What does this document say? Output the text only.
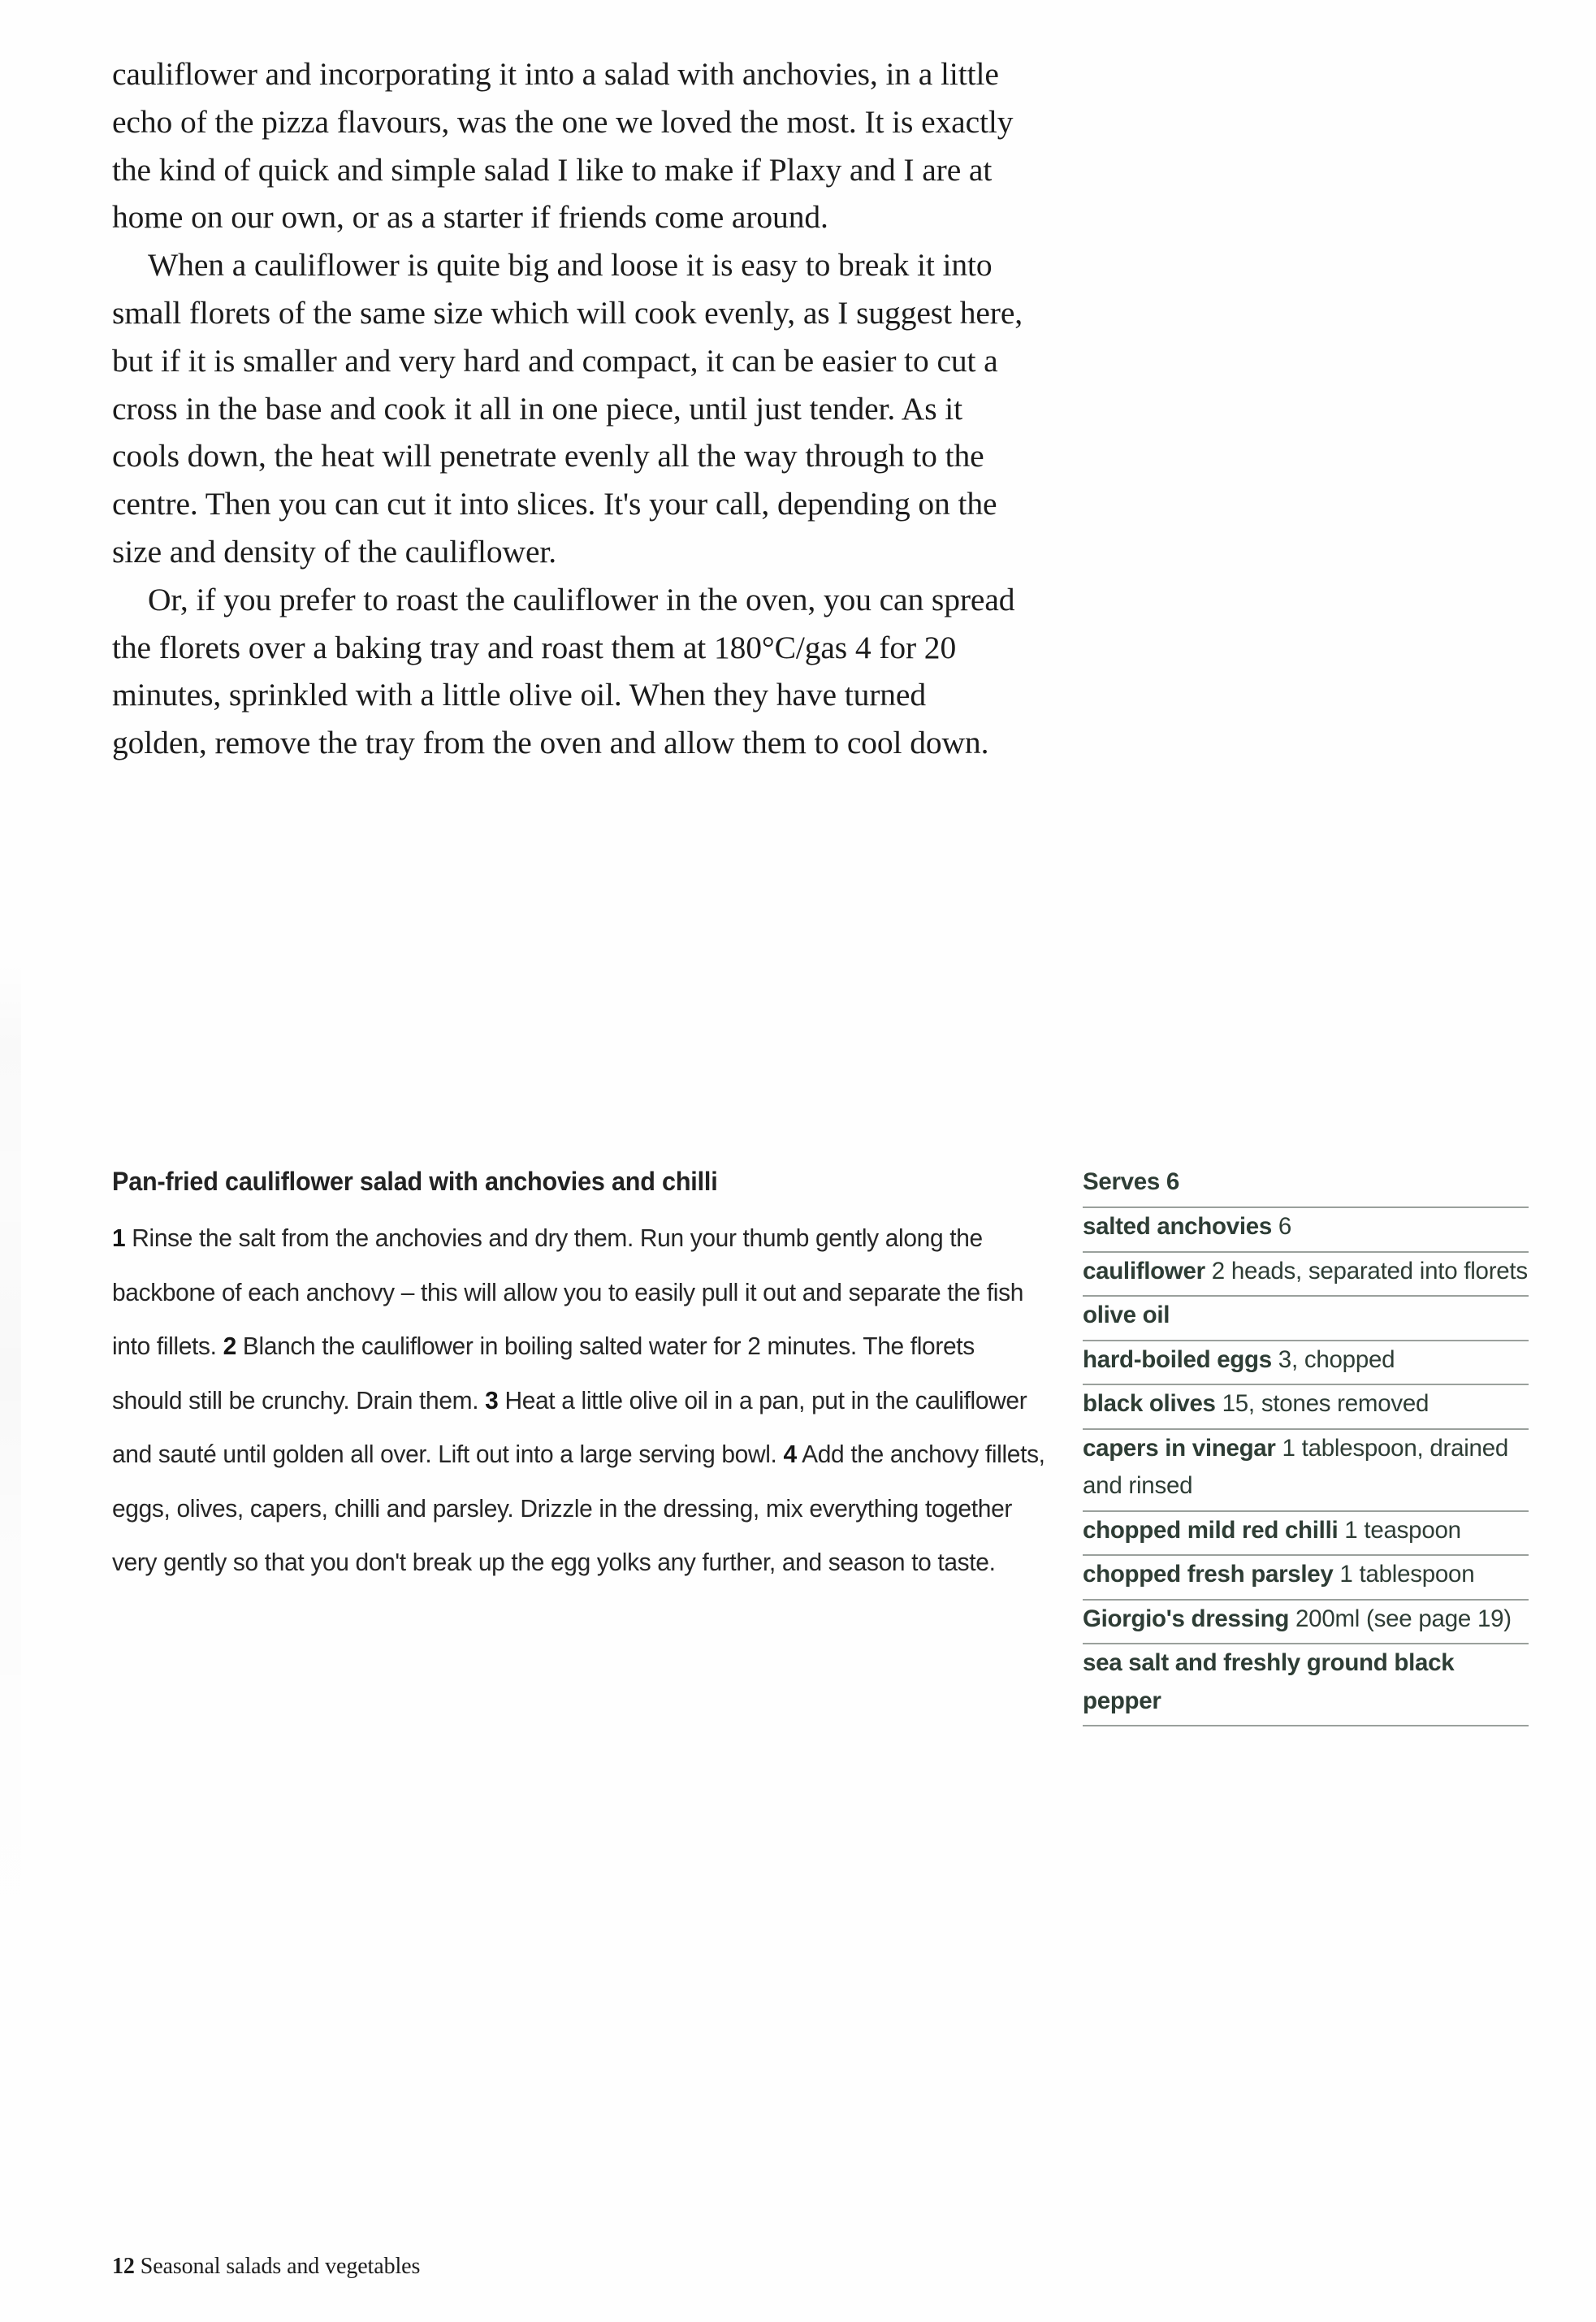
cauliflower and incorporating it into a salad with anchovies, in a little echo of the pizza flavours, was the one we loved the most. It is exactly the kind of quick and simple salad I like to make if Plaxy and I are at home on our own, or as a starter if friends come around.

When a cauliflower is quite big and loose it is easy to break it into small florets of the same size which will cook evenly, as I suggest here, but if it is smaller and very hard and compact, it can be easier to cut a cross in the base and cook it all in one piece, until just tender. As it cools down, the heat will penetrate evenly all the way through to the centre. Then you can cut it into slices. It's your call, depending on the size and density of the cauliflower.

Or, if you prefer to roast the cauliflower in the oven, you can spread the florets over a baking tray and roast them at 180°C/gas 4 for 20 minutes, sprinkled with a little olive oil. When they have turned golden, remove the tray from the oven and allow them to cool down.

Pan-fried cauliflower salad with anchovies and chilli

1 Rinse the salt from the anchovies and dry them. Run your thumb gently along the backbone of each anchovy – this will allow you to easily pull it out and separate the fish into fillets. 2 Blanch the cauliflower in boiling salted water for 2 minutes. The florets should still be crunchy. Drain them. 3 Heat a little olive oil in a pan, put in the cauliflower and sauté until golden all over. Lift out into a large serving bowl. 4 Add the anchovy fillets, eggs, olives, capers, chilli and parsley. Drizzle in the dressing, mix everything together very gently so that you don't break up the egg yolks any further, and season to taste.

Serves 6
salted anchovies 6
cauliflower 2 heads, separated into florets
olive oil
hard-boiled eggs 3, chopped
black olives 15, stones removed
capers in vinegar 1 tablespoon, drained and rinsed
chopped mild red chilli 1 teaspoon
chopped fresh parsley 1 tablespoon
Giorgio's dressing 200ml (see page 19)
sea salt and freshly ground black pepper
12 Seasonal salads and vegetables
